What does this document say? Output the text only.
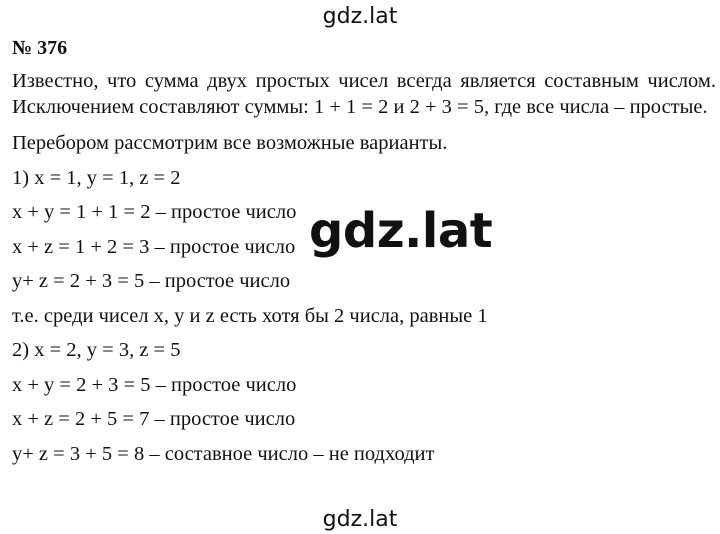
gdz.lat
№ 376
Известно, что сумма двух простых чисел всегда является составным числом. Исключением составляют суммы: 1 + 1 = 2 и 2 + 3 = 5, где все числа – простые.
Перебором рассмотрим все возможные варианты.
1) x = 1, y = 1, z = 2
x + y = 1 + 1 = 2 – простое число
x + z = 1 + 2 = 3 – простое число
y+ z = 2 + 3 = 5 – простое число
т.е. среди чисел x, y и z есть хотя бы 2 числа, равные 1
2) x = 2, y = 3, z = 5
x + y = 2 + 3 = 5 – простое число
x + z = 2 + 5 = 7 – простое число
y+ z = 3 + 5 = 8 – составное число – не подходит
gdz.lat
gdz.lat
